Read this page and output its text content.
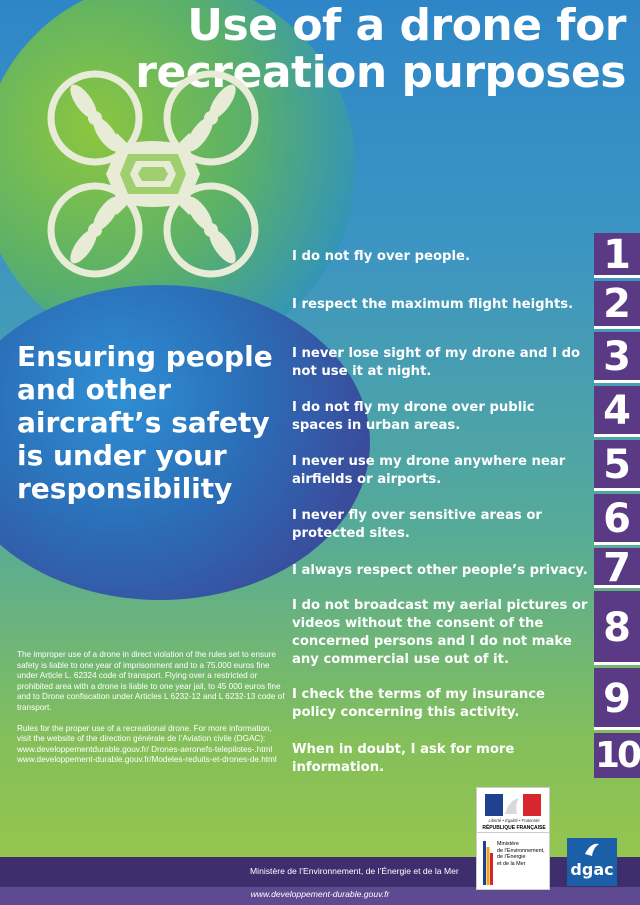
Use of a drone for recreation purposes
Ensuring people and other aircraft’s safety is under your responsibility
I do not fly over people.	1
I respect the maximum flight heights. 2
I never lose sight of my drone and I do not use it at night.	3
I do not fly my drone over public spaces in urban areas.	4
I never use my drone anywhere near airfields or airports.	5
I never fly over sensitive areas or protected sites.	6
I always respect other people’s privacy. 7
I do not broadcast my aerial pictures or videos without the consent of the concerned persons and I do not make any commercial use out of it.
8
I check the terms of my insurance policy concerning this activity.	9
When in doubt, I ask for more information.	10

The improper use of a drone in direct violation of the rules set to ensure safety is liable to one year of imprisonment and to a 75.000 euros fine under Article L. 62324 code of transport. Flying over a restricted or prohibited area with a drone is liable to one year jail, to 45 000 euros fine and to Drone confiscation under Articles L 6232-12 and L 6232-13 code of transport.

Rules for the proper use of a recreational drone. For more information, visit the website of the direction générale de l’Aviation civile (DGAC):

www.developpementdurable.gouv.fr/ Drones-aeronefs-telepilotes-.html
www.developpement-durable.gouv.fr/Modeles-reduits-et-drones-de.html
Ministère de l’Environnement, de l’Énergie et de la Mer
www.developpement-durable.gouv.fr
Liberté • Égalité • Fraternité
RÉPUBLIQUE FRANÇAISE
Ministère
de l’Environnement,
de l’Énergie
et de la Mer	dgac
